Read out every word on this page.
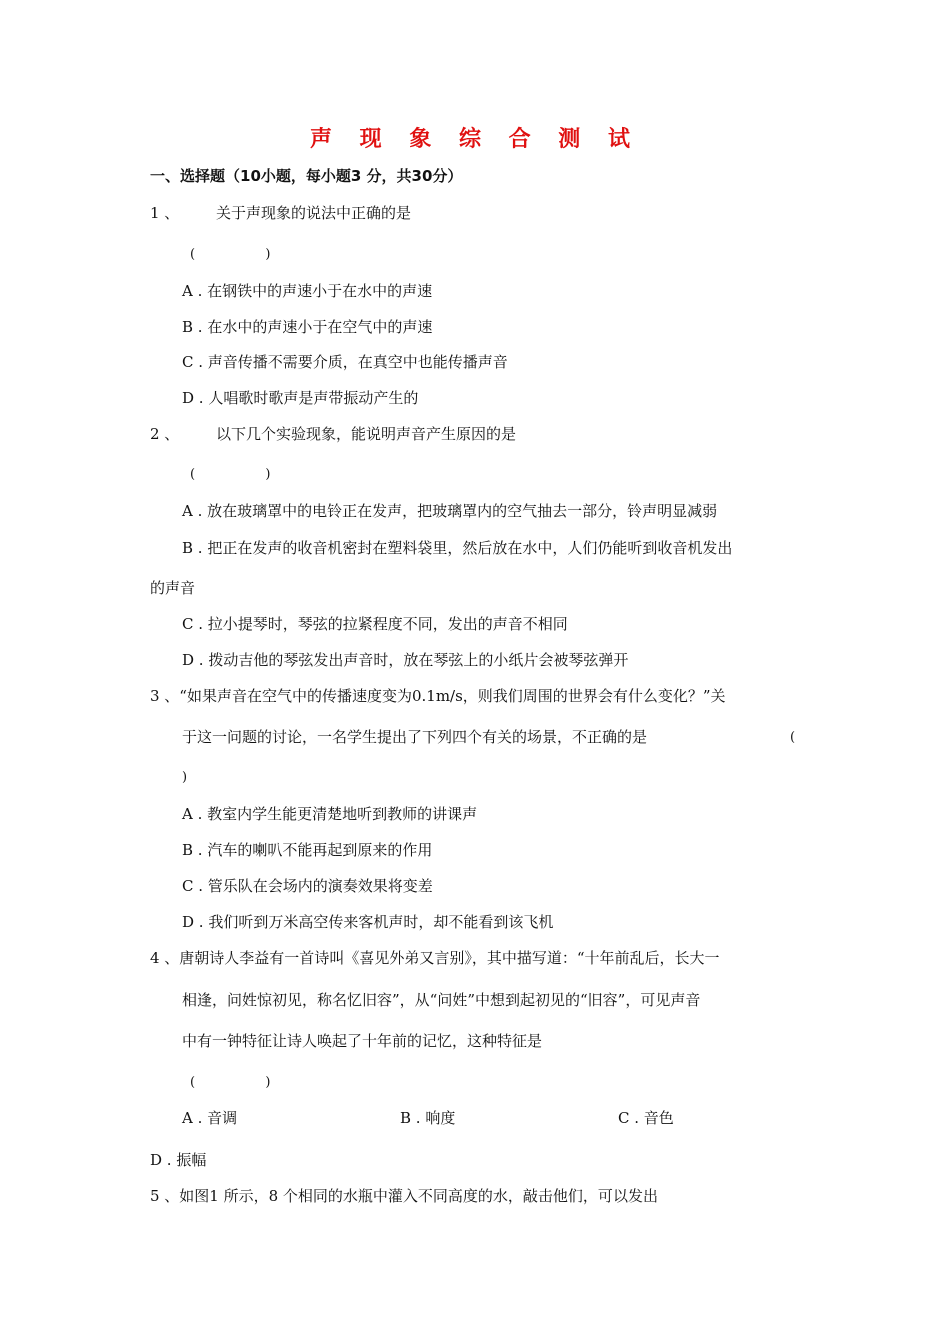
声 现 象 综 合 测 试
一、选择题（10小题，每小题3 分，共30分）
1 、 关于声现象的说法中正确的是
(                 )
A . 在钢铁中的声速小于在水中的声速
B . 在水中的声速小于在空气中的声速
C . 声音传播不需要介质，在真空中也能传播声音
D . 人唱歌时歌声是声带振动产生的
2 、 以下几个实验现象，能说明声音产生原因的是
(                 )
A . 放在玻璃罩中的电铃正在发声，把玻璃罩内的空气抽去一部分，铃声明显减弱
B . 把正在发声的收音机密封在塑料袋里，然后放在水中，人们仍能听到收音机发出
的声音
C . 拉小提琴时，琴弦的拉紧程度不同，发出的声音不相同
D . 拨动吉他的琴弦发出声音时，放在琴弦上的小纸片会被琴弦弹开
3 、“如果声音在空气中的传播速度变为0.1m/s，则我们周围的世界会有什么变化？”关
于这一问题的讨论，一名学生提出了下列四个有关的场景，不正确的是	(
)
A . 教室内学生能更清楚地听到教师的讲课声
B . 汽车的喇叭不能再起到原来的作用
C . 管乐队在会场内的演奏效果将变差
D . 我们听到万米高空传来客机声时，却不能看到该飞机
4 、唐朝诗人李益有一首诗叫《喜见外弟又言别》，其中描写道：“十年前乱后，长大一
相逢，问姓惊初见，称名忆旧容”，从“问姓”中想到起初见的“旧容”，可见声音
中有一钟特征让诗人唤起了十年前的记忆，这种特征是
(                 )
A . 音调	B . 响度	C . 音色
D . 振幅
5 、如图1 所示，8 个相同的水瓶中灌入不同高度的水，敲击他们，可以发出
